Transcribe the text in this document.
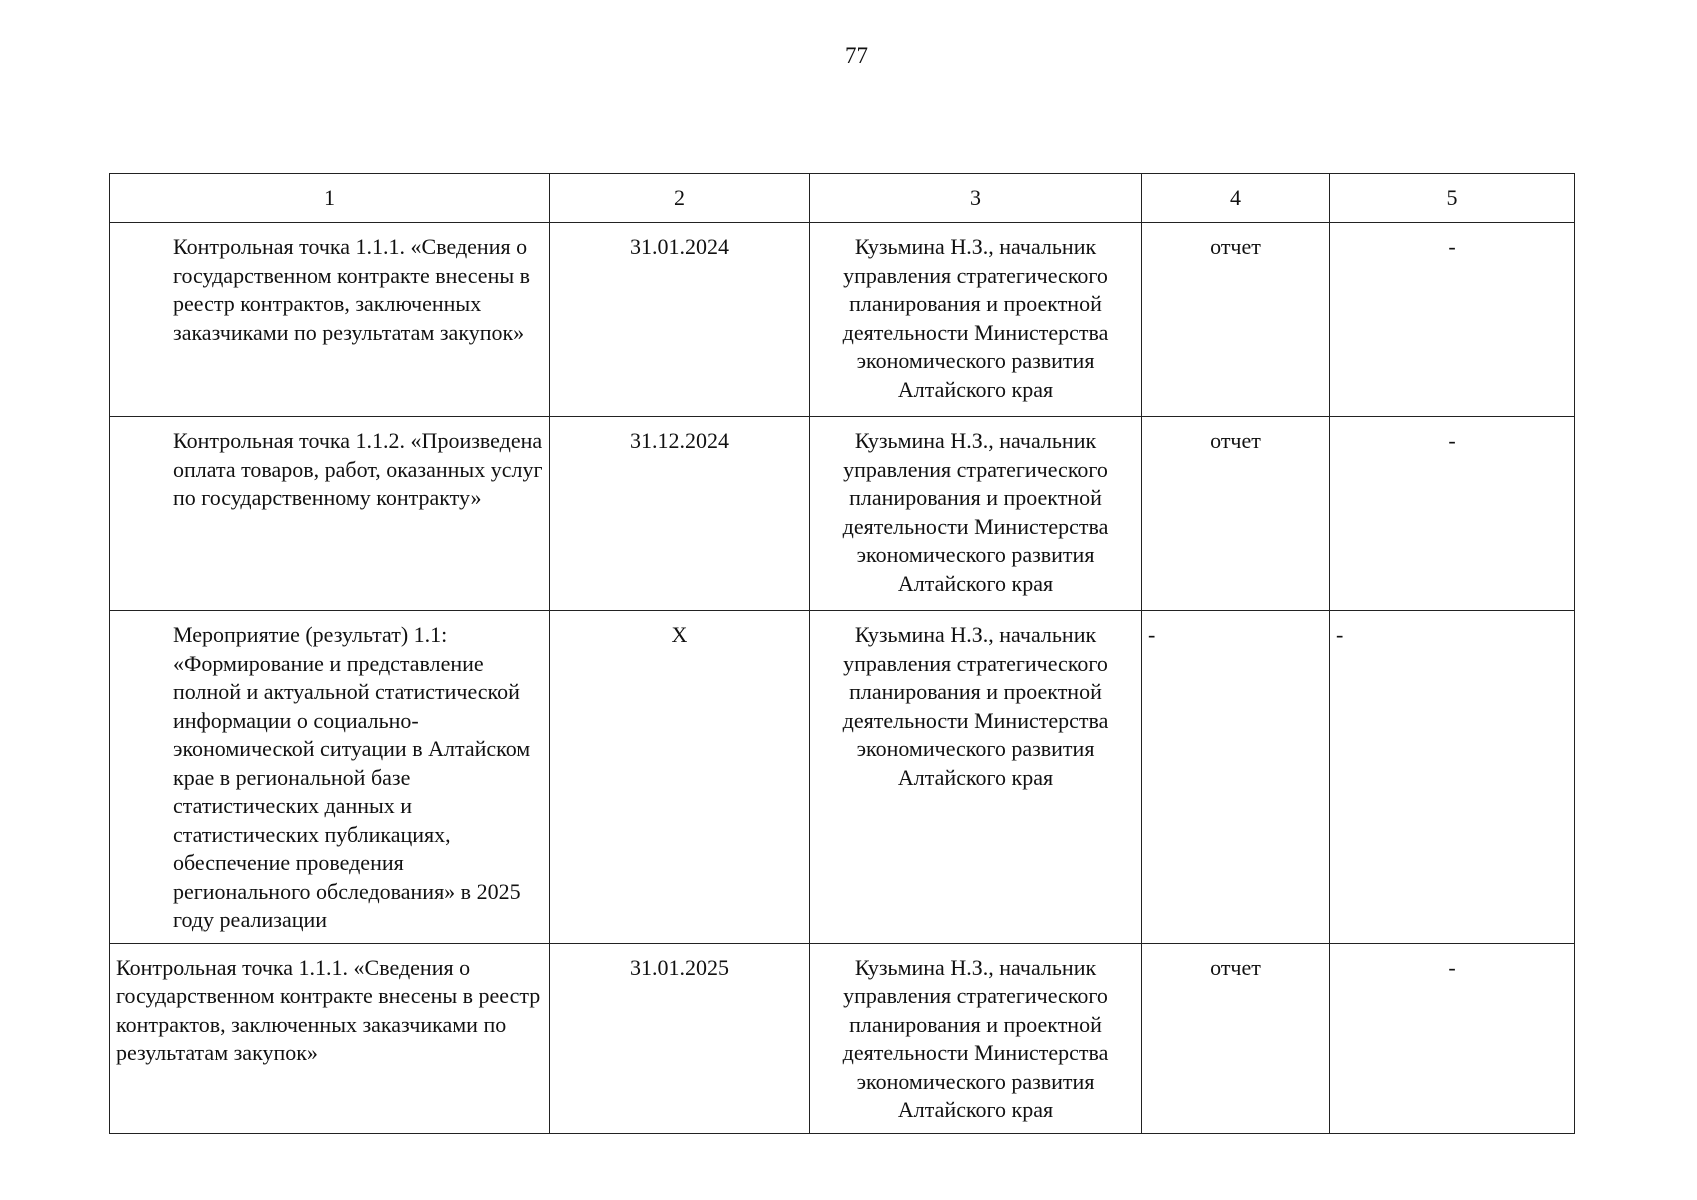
77
1	2	3	4	5
Контрольная точка 1.1.1. «Сведения о государственном контракте внесены в реестр контрактов, заключенных заказчиками по результатам закупок»	31.01.2024	Кузьмина Н.З., начальник управления стратегического планирования и проектной деятельности Министерства экономического развития Алтайского края	отчет	-
Контрольная точка 1.1.2. «Произведена оплата товаров, работ, оказанных услуг по государственному контракту»	31.12.2024	Кузьмина Н.З., начальник управления стратегического планирования и проектной деятельности Министерства экономического развития Алтайского края	отчет	-
Мероприятие (результат) 1.1: «Формирование и представление полной и актуальной статистической информации о социально-экономической ситуации в Алтайском крае в региональной базе статистических данных и статистических публикациях, обеспечение проведения регионального обследования» в 2025 году реализации	X	Кузьмина Н.З., начальник управления стратегического планирования и проектной деятельности Министерства экономического развития Алтайского края	-	-
Контрольная точка 1.1.1. «Сведения о государственном контракте внесены в реестр контрактов, заключенных заказчиками по результатам закупок»	31.01.2025	Кузьмина Н.З., начальник управления стратегического планирования и проектной деятельности Министерства экономического развития Алтайского края	отчет	-
